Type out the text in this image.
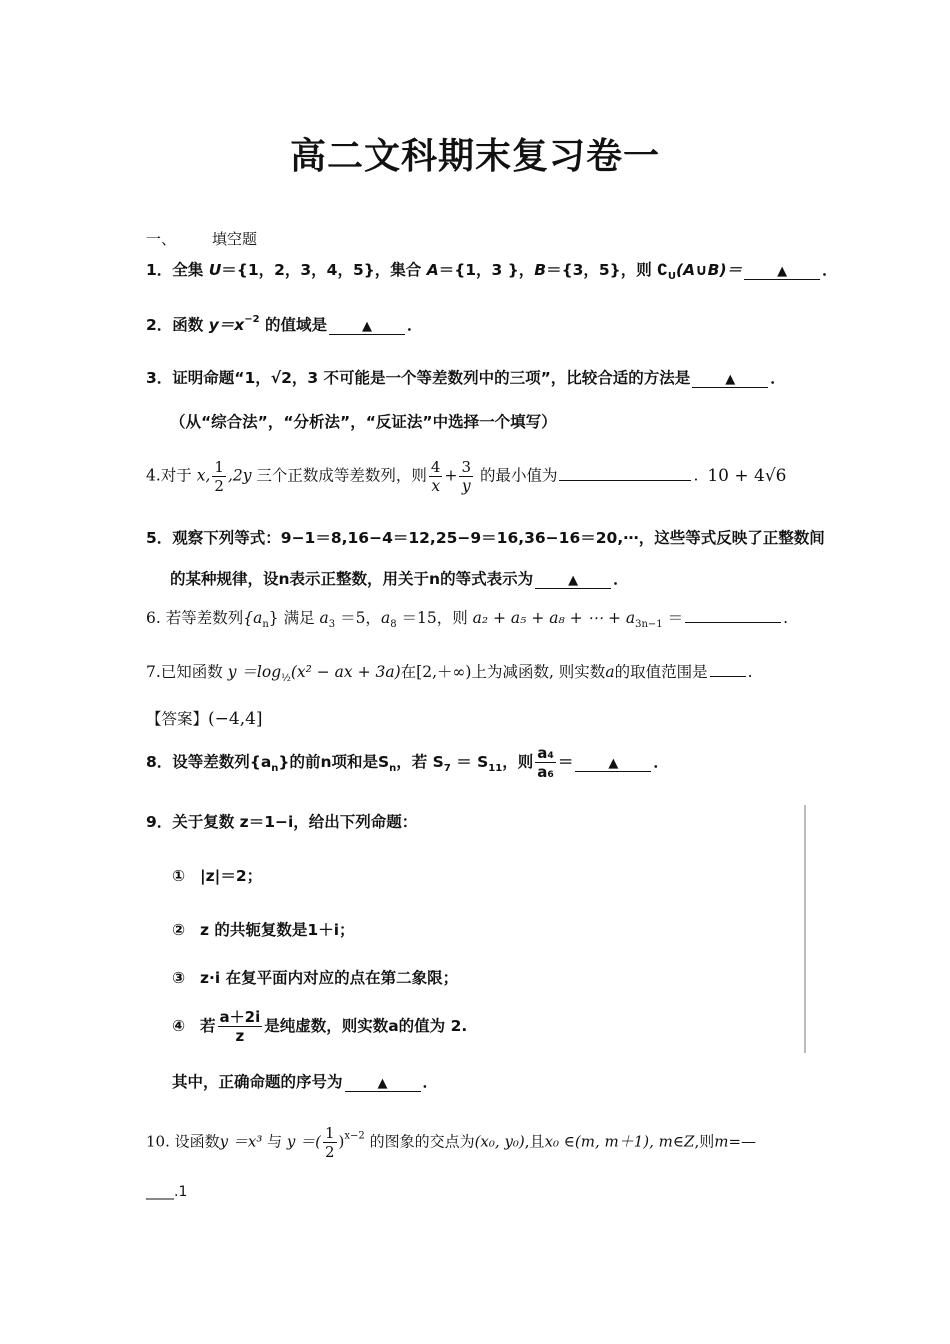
高二文科期末复习卷一
一、 填空题
1．全集 U＝{1，2，3，4，5}，集合 A＝{1，3 }，B＝{3，5}，则 $∁_U(A\cup B)=$	▲ ．
2．函数 $y=x^{-2}$ 的值域是	▲ ．
3．证明命题“1，√2，3 不可能是一个等差数列中的三项”，比较合适的方法是	▲ ．
（从“综合法”，“分析法”，“反证法”中选择一个填写）
4.对于 x, $\frac{1}{2} ,2y$ 三个正数成等差数列，则 $\frac{4}{x} + \frac{3}{y}$ 的最小值为	. 10 + 4√6
5．观察下列等式：9−1＝8,16−4＝12,25−9＝16,36−16＝20,⋯，这些等式反映了正整数间
的某种规律，设n表示正整数，用关于n的等式表示为	▲ ．
6. 若等差数列$\{a_n\}$ 满足 $a_3 =5$，$a_8 =15$，则 a₂ + a₅ + a₈ + ⋯ + $a_{3n-1}$ ＝	.
7.已知函数 $y =\log_{\frac{1}{2}}(x^2$ − ax + 3a)在[2,＋∞)上为减函数, 则实数a的取值范围是	.
【答案】(−4,4]
8．设等差数列$\{a_n\}$的前n项和是$S_n$，若 $S_7 = S_{11}$，则 $\frac{\text{a₄}}{\text{a₆}}$ ＝	▲ ．
9．关于复数 z＝1−i，给出下列命题：
① |z|＝2；
② z 的共轭复数是1＋i；
③ z·i 在复平面内对应的点在第二象限；
④ 若 $\frac{a+2i}{z}$ 是纯虚数，则实数a的值为 2.
其中，正确命题的序号为	▲ ．
10. 设函数y ＝x³ 与 y ＝( $\frac{1}{2} )^{x-2}$ 的图象的交点为(x₀, y₀),且x₀ ∈(m, m＋1), m∈Z,则m=—
____.1
